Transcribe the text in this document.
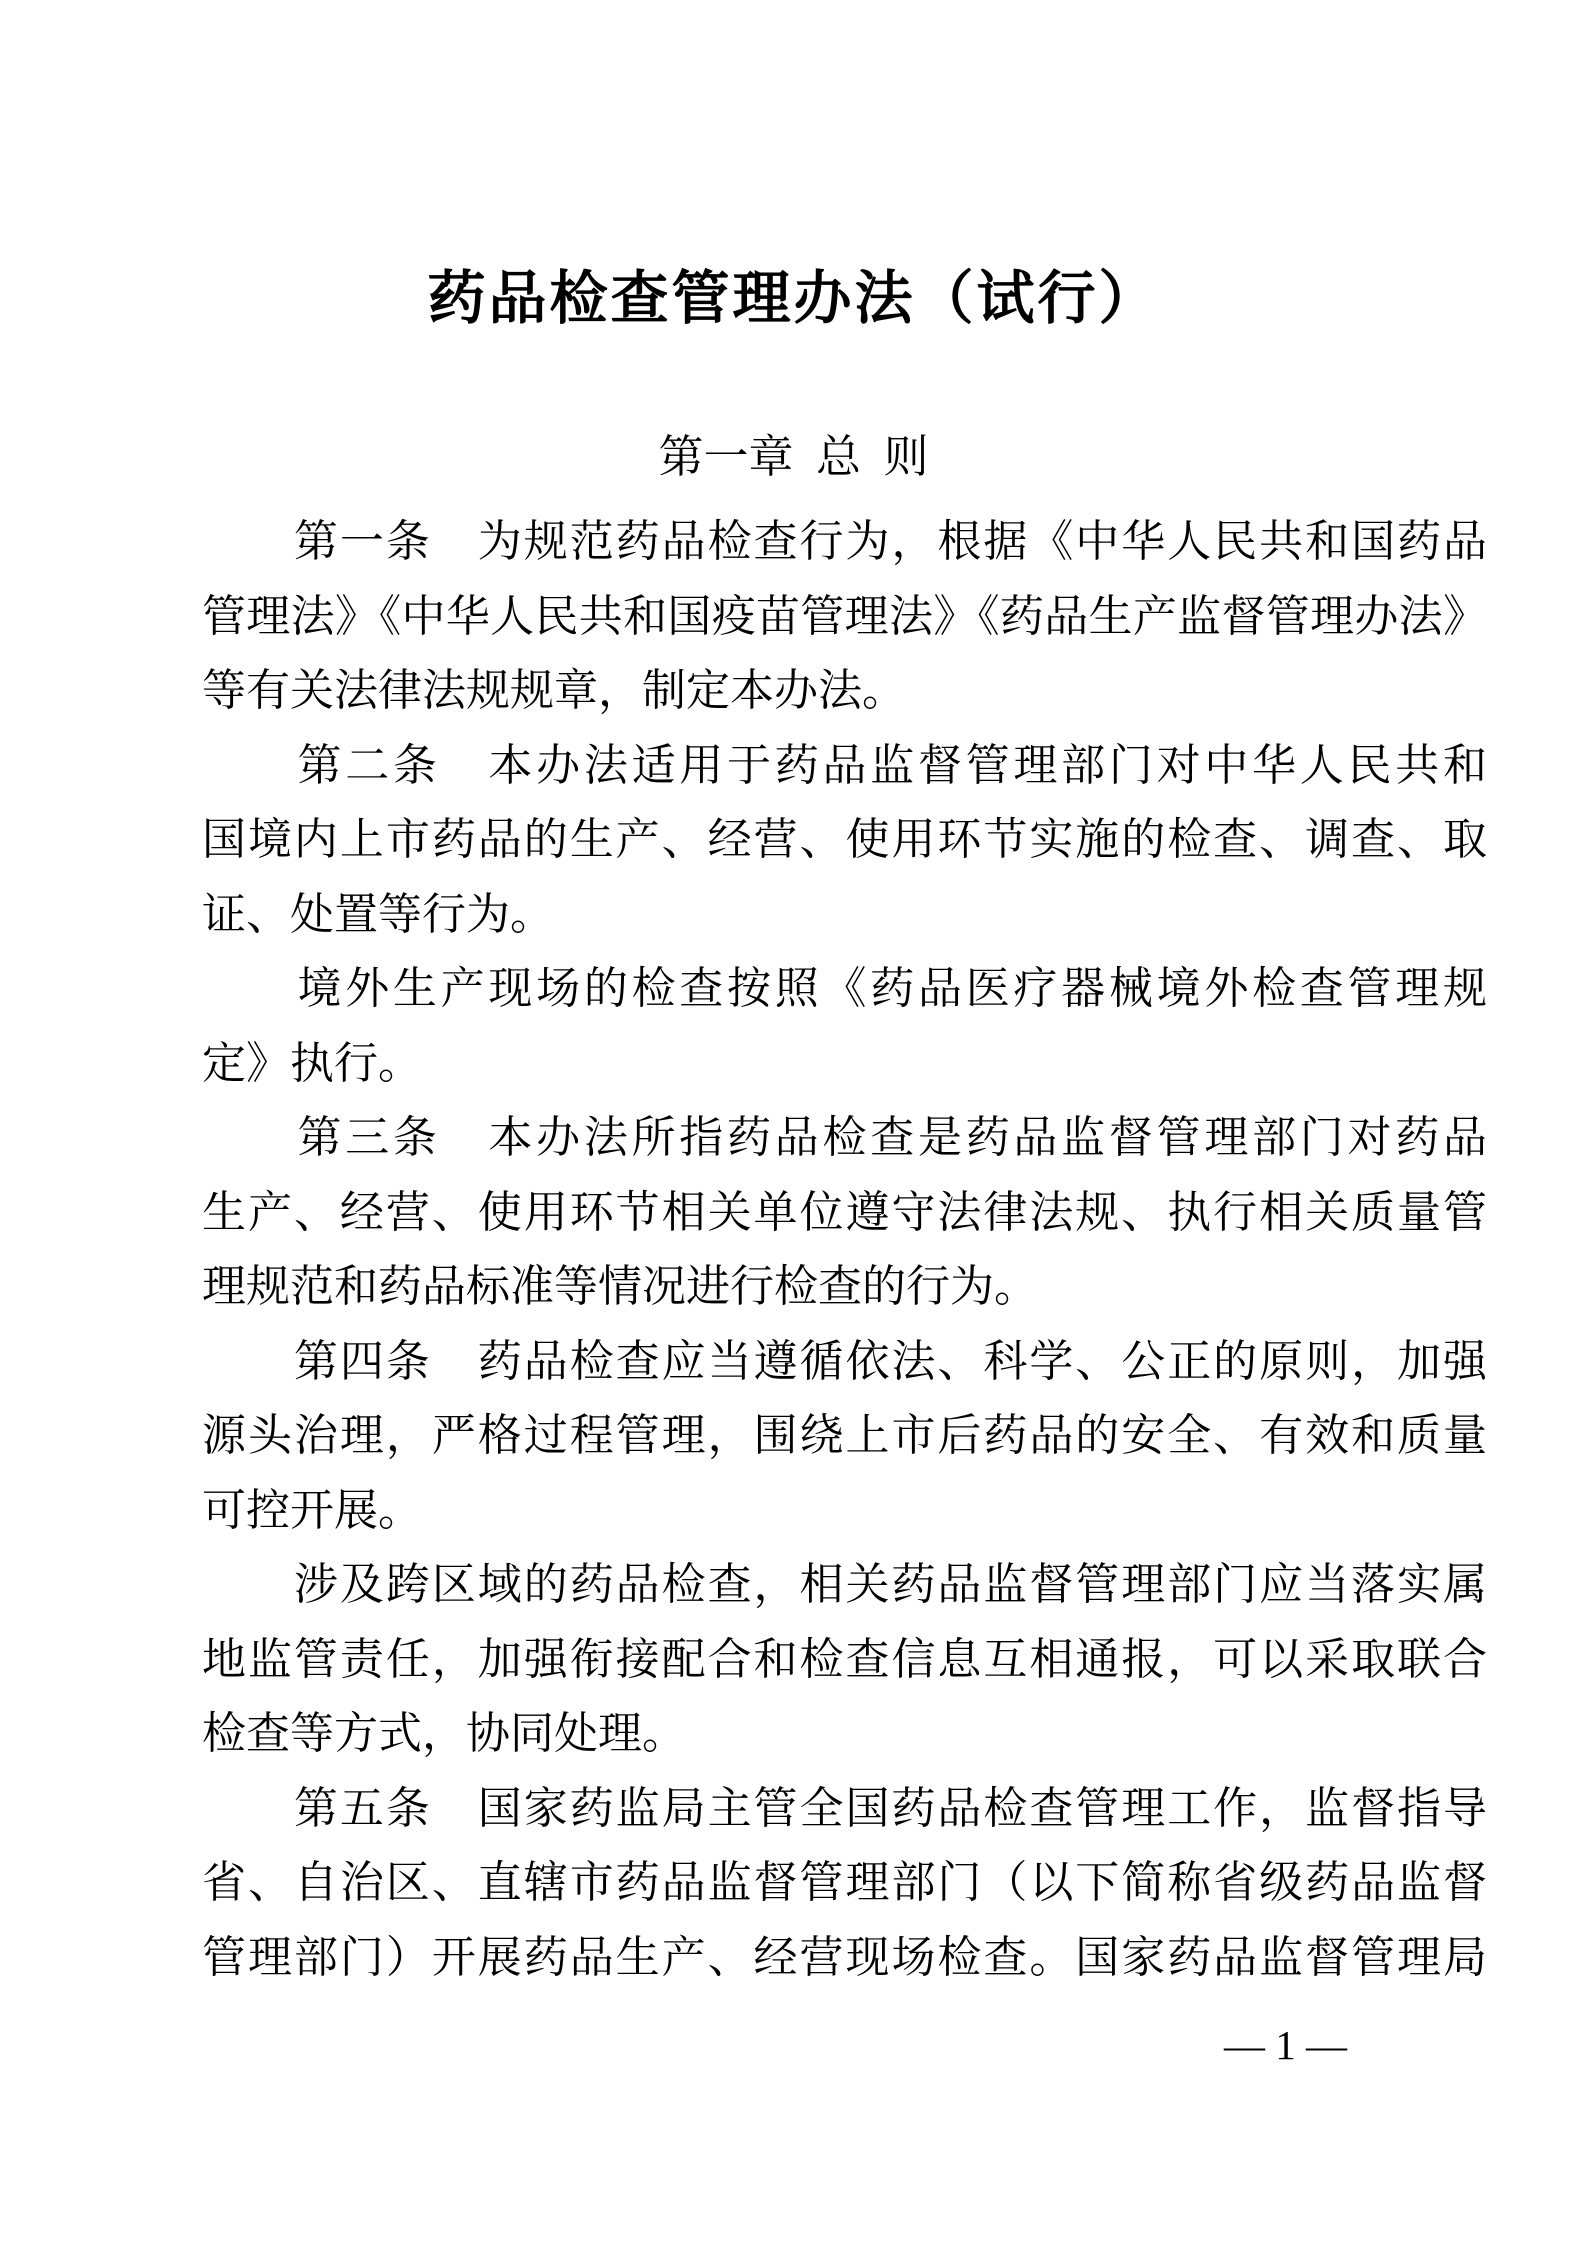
药品检查管理办法（试行）
第一章  总  则
　　第一条　为规范药品检查行为，根据《中华人民共和国药品
管理法》《中华人民共和国疫苗管理法》《药品生产监督管理办法》
等有关法律法规规章，制定本办法。
　　第二条　本办法适用于药品监督管理部门对中华人民共和
国境内上市药品的生产、经营、使用环节实施的检查、调查、取
证、处置等行为。
　　境外生产现场的检查按照《药品医疗器械境外检查管理规
定》执行。
　　第三条　本办法所指药品检查是药品监督管理部门对药品
生产、经营、使用环节相关单位遵守法律法规、执行相关质量管
理规范和药品标准等情况进行检查的行为。
　　第四条　药品检查应当遵循依法、科学、公正的原则，加强
源头治理，严格过程管理，围绕上市后药品的安全、有效和质量
可控开展。
　　涉及跨区域的药品检查，相关药品监督管理部门应当落实属
地监管责任，加强衔接配合和检查信息互相通报，可以采取联合
检查等方式，协同处理。
　　第五条　国家药监局主管全国药品检查管理工作，监督指导
省、自治区、直辖市药品监督管理部门（以下简称省级药品监督
管理部门）开展药品生产、经营现场检查。国家药品监督管理局
— 1 —
